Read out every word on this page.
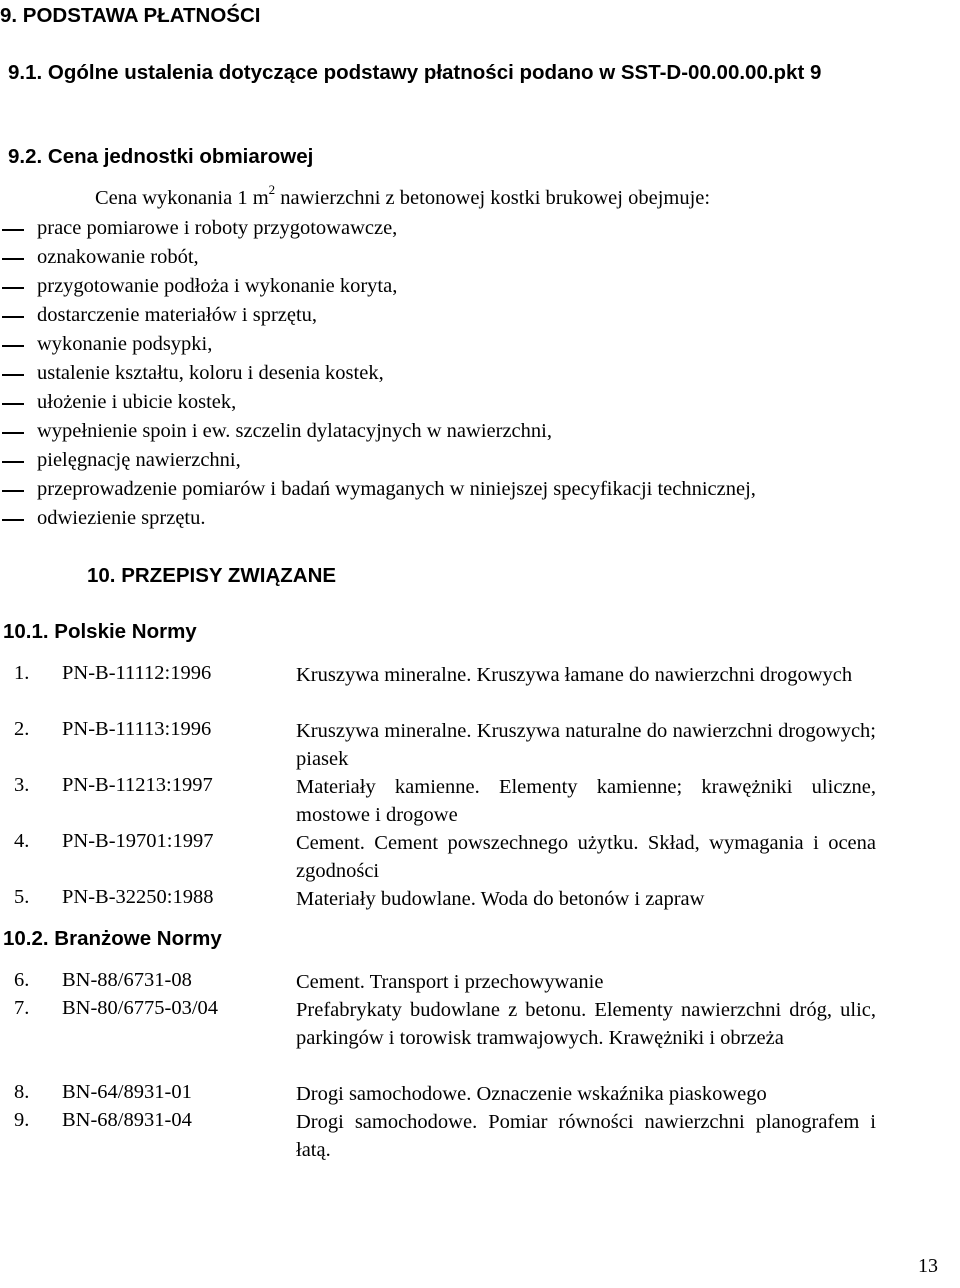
9. PODSTAWA PŁATNOŚCI
9.1. Ogólne ustalenia dotyczące podstawy płatności podano w SST-D-00.00.00.pkt 9
9.2. Cena jednostki obmiarowej
Cena wykonania 1 $m^2$ nawierzchni z betonowej kostki brukowej obejmuje:
prace pomiarowe i roboty przygotowawcze,
oznakowanie robót,
przygotowanie podłoża i wykonanie koryta,
dostarczenie materiałów i sprzętu,
wykonanie podsypki,
ustalenie kształtu, koloru i desenia kostek,
ułożenie i ubicie kostek,
wypełnienie spoin i ew. szczelin dylatacyjnych w nawierzchni,
pielęgnację nawierzchni,
przeprowadzenie pomiarów i badań wymaganych w niniejszej specyfikacji technicznej,
odwiezienie sprzętu.
10. PRZEPISY ZWIĄZANE
10.1. Polskie Normy
1. PN-B-11112:1996	Kruszywa mineralne. Kruszywa łamane do nawierzchni drogowych
2. PN-B-11113:1996	Kruszywa mineralne. Kruszywa naturalne do nawierzchni drogowych; piasek
3. PN-B-11213:1997	Materiały kamienne. Elementy kamienne; krawężniki uliczne, mostowe i drogowe
4. PN-B-19701:1997	Cement. Cement powszechnego użytku. Skład, wymagania i ocena zgodności
5. PN-B-32250:1988	Materiały budowlane. Woda do betonów i zapraw
10.2. Branżowe Normy
6. BN-88/6731-08	Cement. Transport i przechowywanie
7. BN-80/6775-03/04	Prefabrykaty budowlane z betonu. Elementy nawierzchni dróg, ulic, parkingów i torowisk tramwajowych. Krawężniki i obrzeża
8. BN-64/8931-01	Drogi samochodowe. Oznaczenie wskaźnika piaskowego
9. BN-68/8931-04	Drogi samochodowe. Pomiar równości nawierzchni planografem i łatą.
13
